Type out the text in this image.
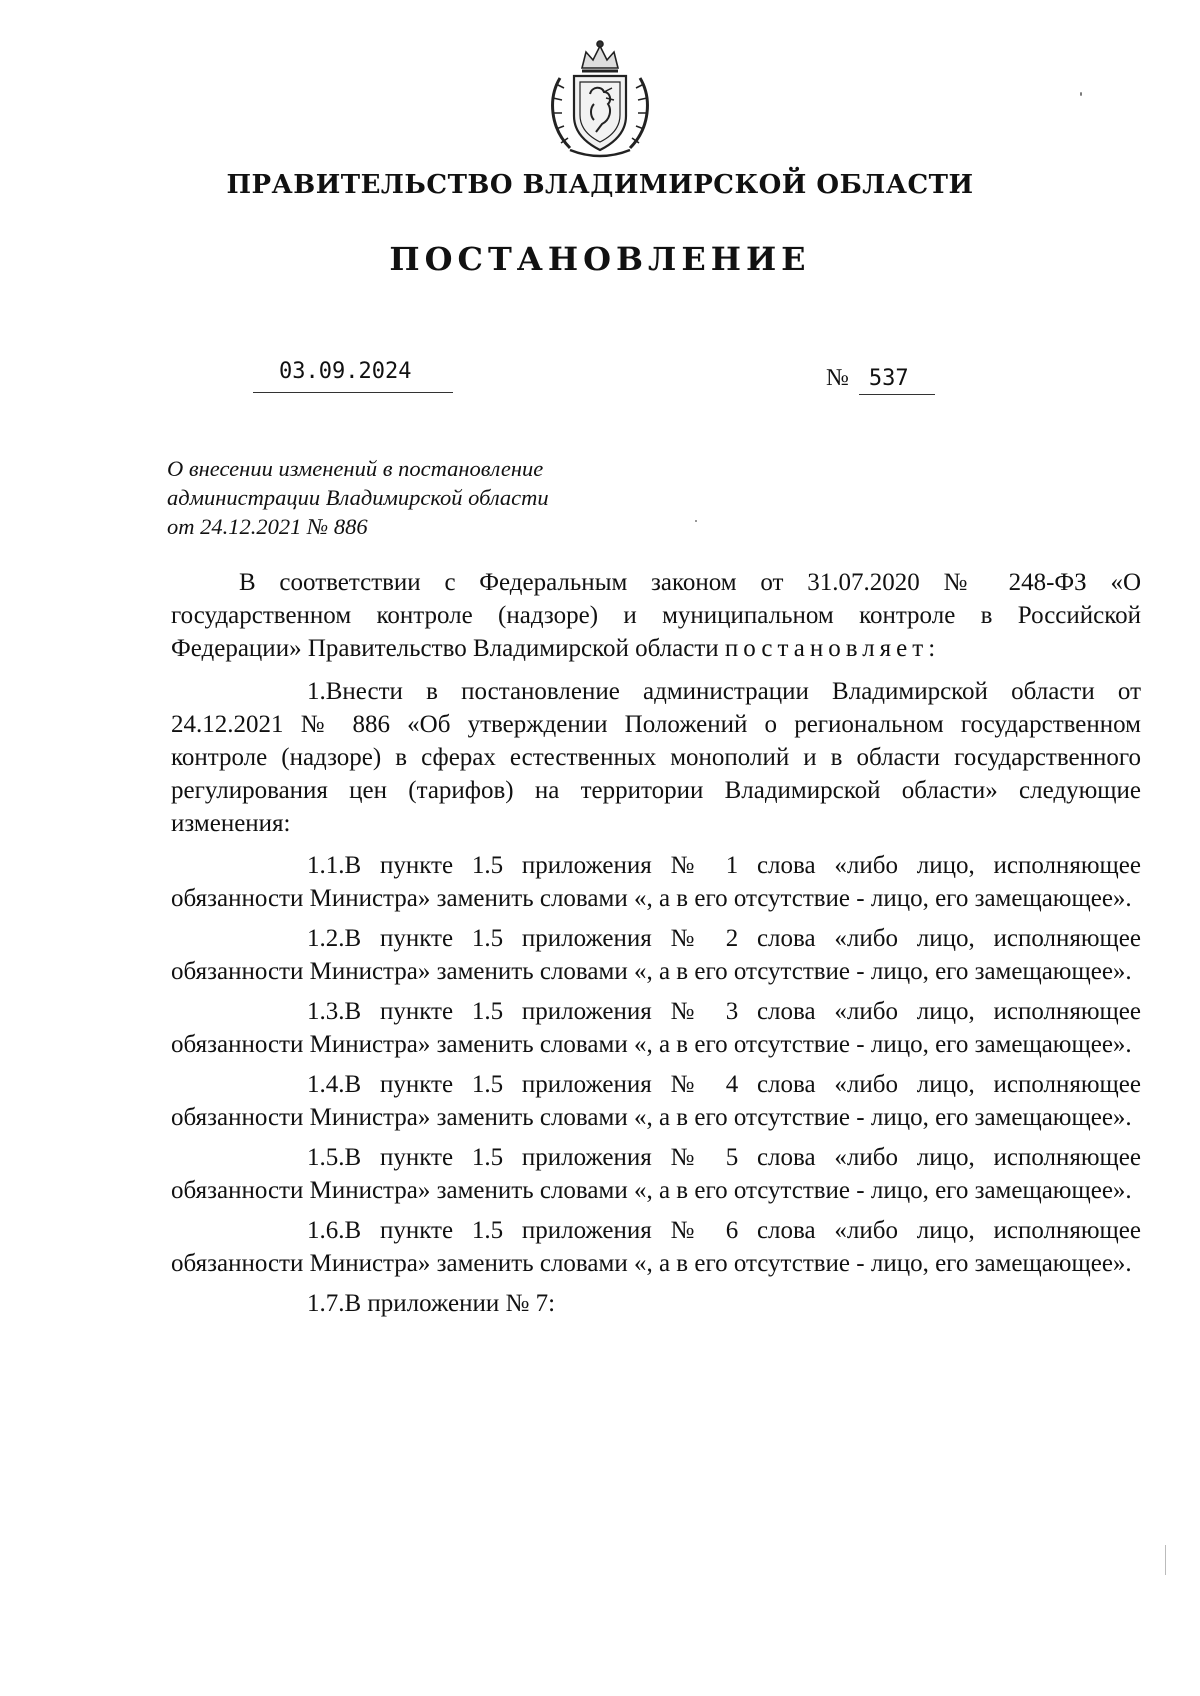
ПРАВИТЕЛЬСТВО ВЛАДИМИРСКОЙ ОБЛАСТИ
ПОСТАНОВЛЕНИЕ
03.09.2024	№ 537
О внесении изменений в постановление
администрации Владимирской области
от 24.12.2021 № 886

В соответствии с Федеральным законом от 31.07.2020 № 248-ФЗ «О государственном контроле (надзоре) и муниципальном контроле в Российской Федерации» Правительство Владимирской области постановляет:

1.Внести в постановление администрации Владимирской области от 24.12.2021 № 886 «Об утверждении Положений о региональном государственном контроле (надзоре) в сферах естественных монополий и в области государственного регулирования цен (тарифов) на территории Владимирской области» следующие изменения:

1.1.В пункте 1.5 приложения № 1 слова «либо лицо, исполняющее обязанности Министра» заменить словами «, а в его отсутствие - лицо, его замещающее».

1.2.В пункте 1.5 приложения № 2 слова «либо лицо, исполняющее обязанности Министра» заменить словами «, а в его отсутствие - лицо, его замещающее».

1.3.В пункте 1.5 приложения № 3 слова «либо лицо, исполняющее обязанности Министра» заменить словами «, а в его отсутствие - лицо, его замещающее».

1.4.В пункте 1.5 приложения № 4 слова «либо лицо, исполняющее обязанности Министра» заменить словами «, а в его отсутствие - лицо, его замещающее».

1.5.В пункте 1.5 приложения № 5 слова «либо лицо, исполняющее обязанности Министра» заменить словами «, а в его отсутствие - лицо, его замещающее».

1.6.В пункте 1.5 приложения № 6 слова «либо лицо, исполняющее обязанности Министра» заменить словами «, а в его отсутствие - лицо, его замещающее».

1.7.В приложении № 7:
